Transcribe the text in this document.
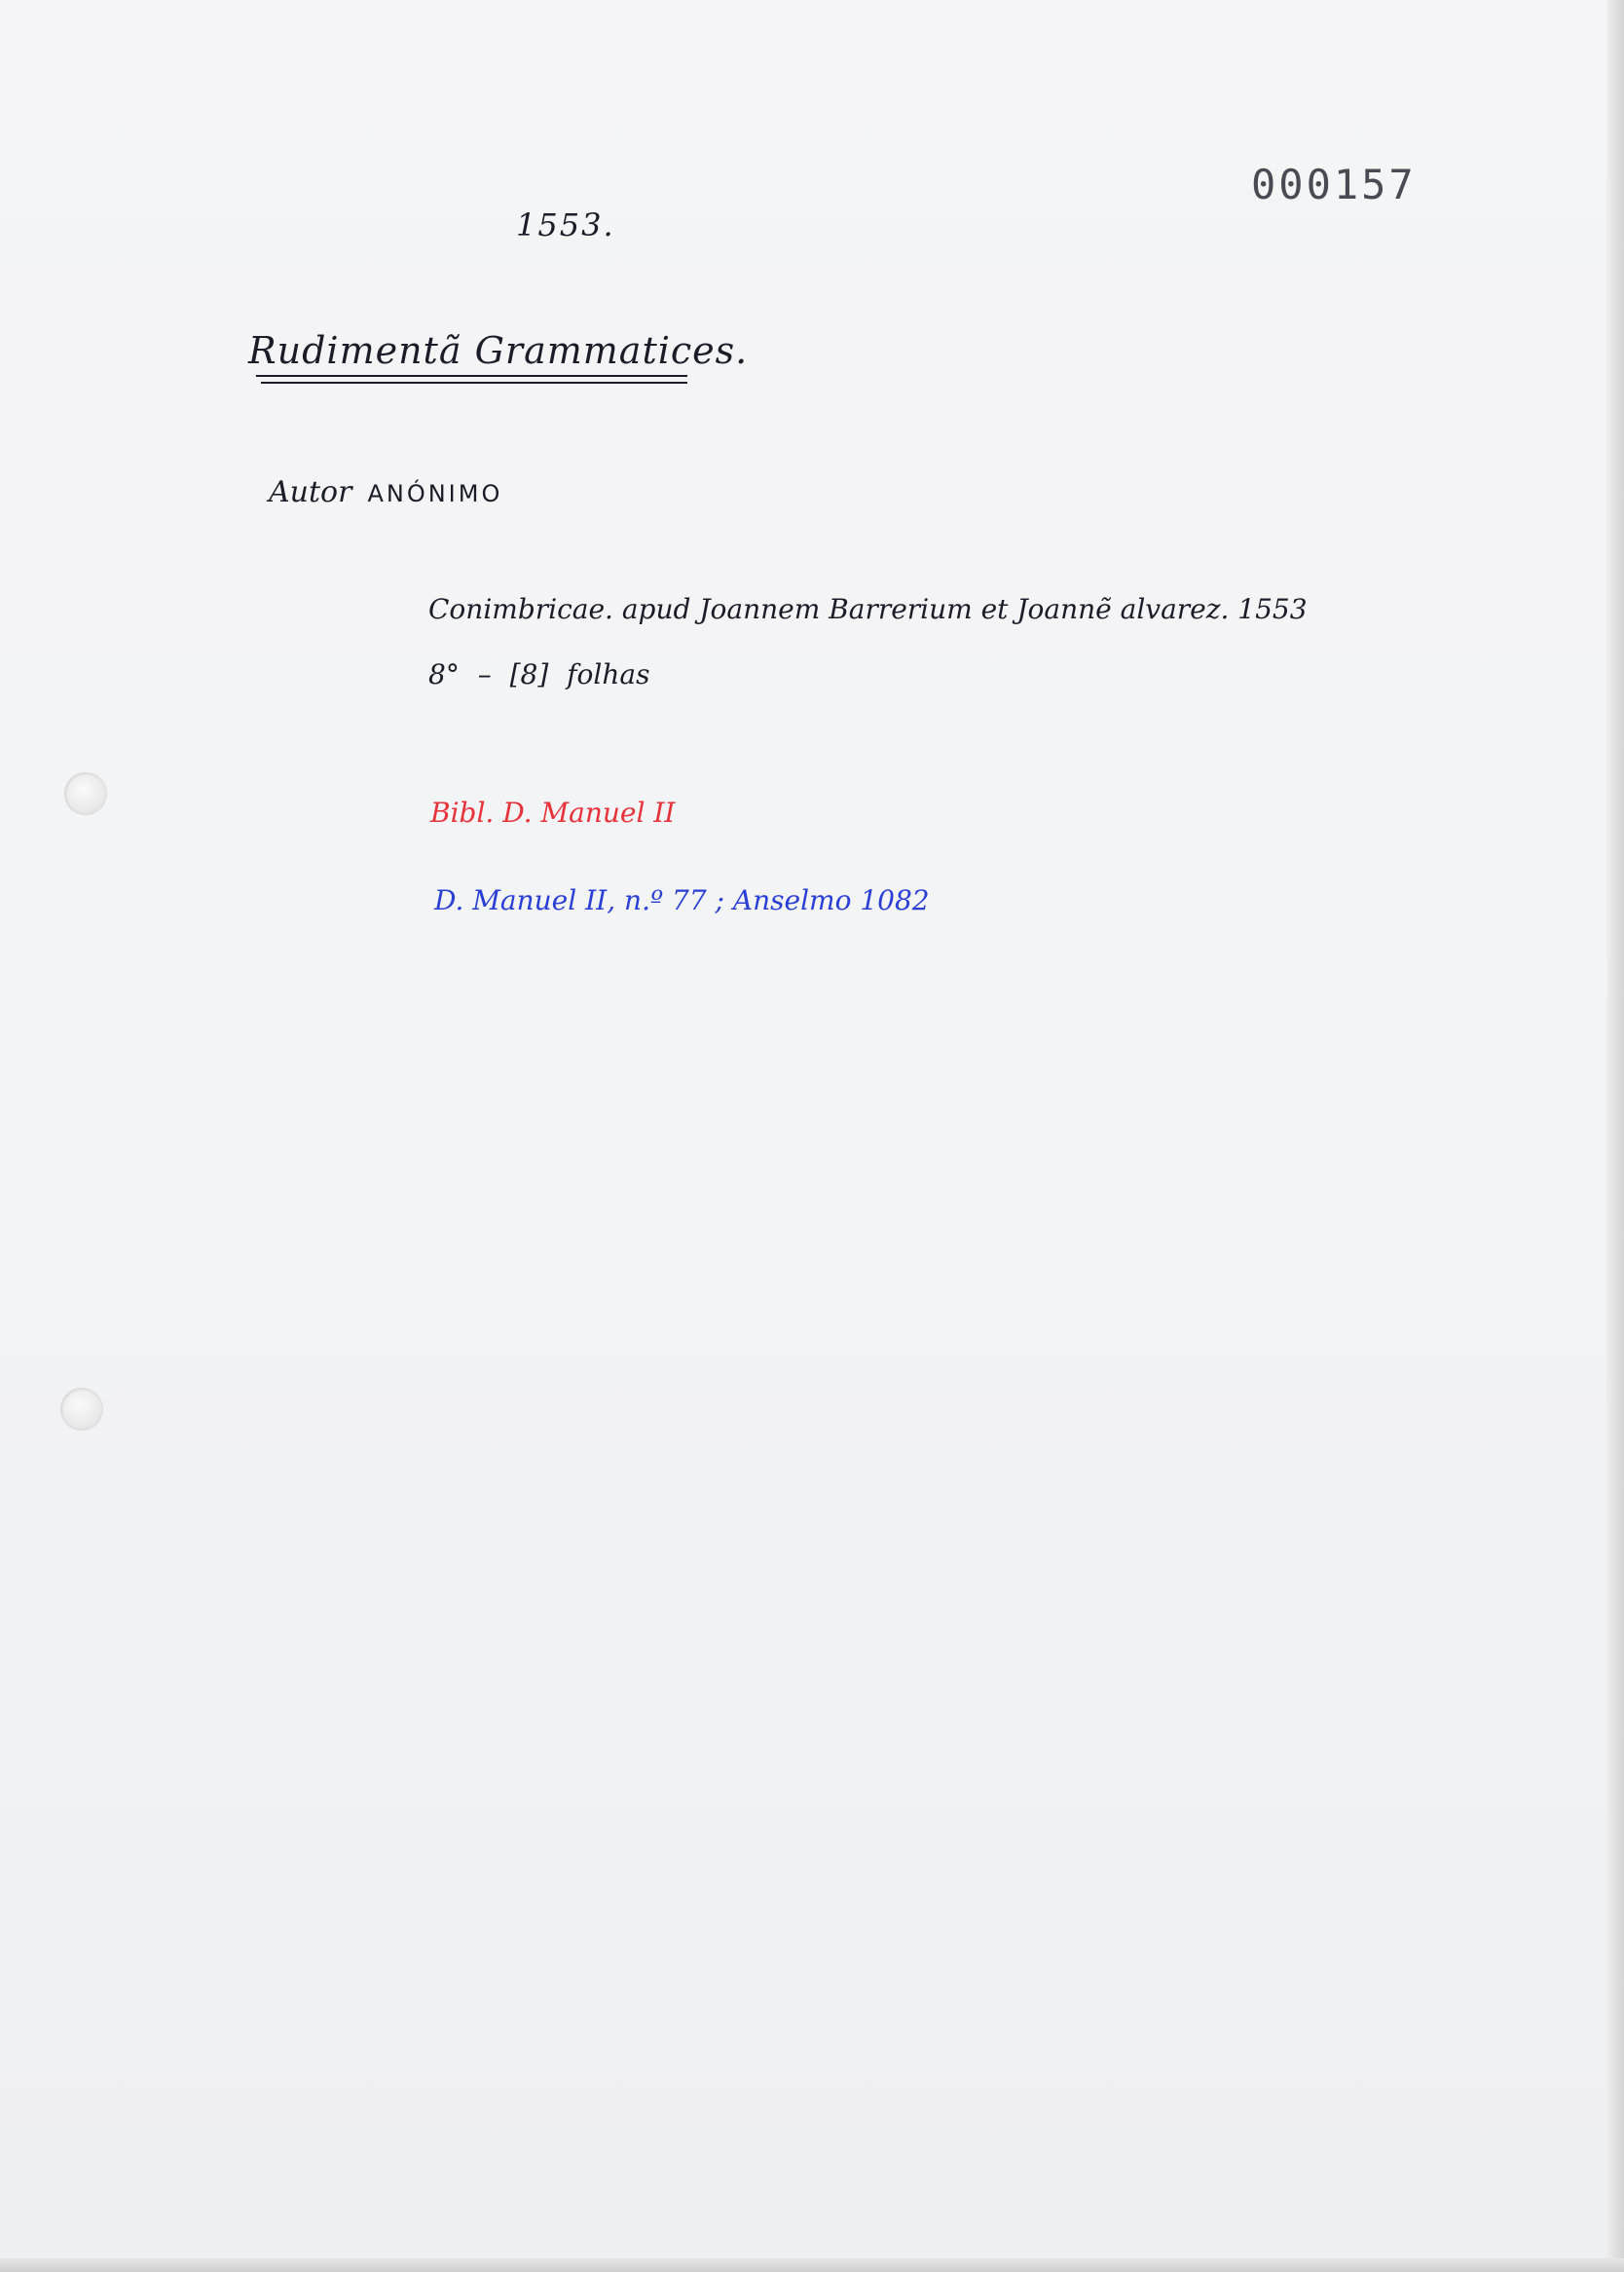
000157
1553.
Rudimentã Grammatices.
Autor ANÓNIMO
Conimbricae. apud Joannem Barrerium et Joannẽ alvarez. 1553
8° – [8] folhas
Bibl. D. Manuel II
D. Manuel II, n.º 77 ; Anselmo 1082
